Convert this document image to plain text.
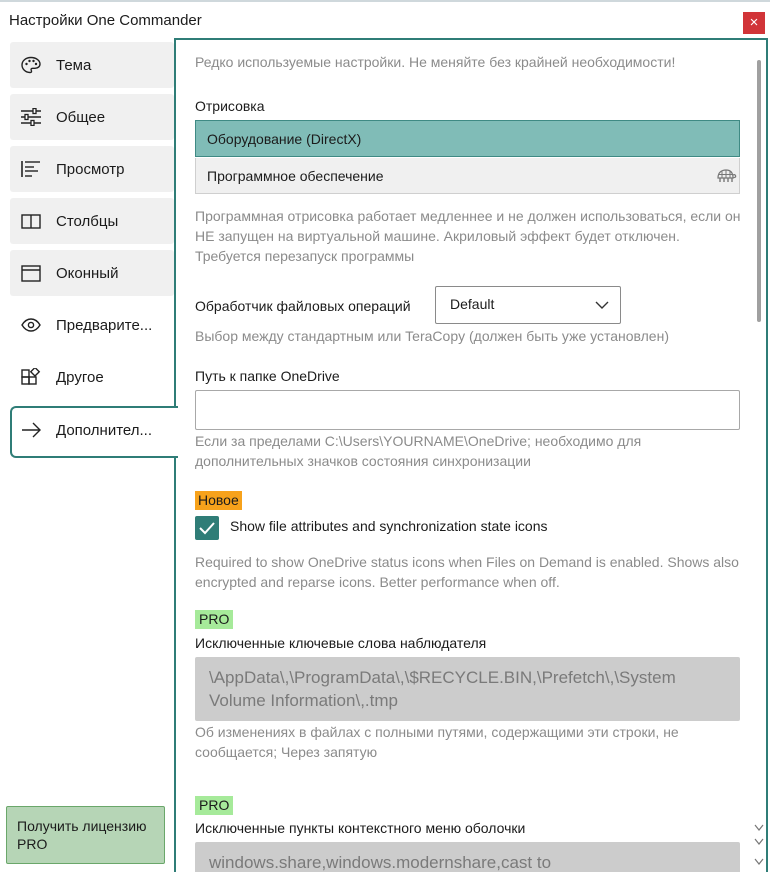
Настройки One Commander	×
Тема
Общее
Просмотр
Столбцы
Оконный
Предварите...
Другое
Дополнител...
Получить лицензию PRO
Редко используемые настройки. Не меняйте без крайней необходимости!
Отрисовка
Оборудование (DirectX)
Программное обеспечение
Программная отрисовка работает медленнее и не должен использоваться, если он НЕ запущен на виртуальной машине. Акриловый эффект будет отключен. Требуется перезапуск программы
Обработчик файловых операций	Default
Выбор между стандартным или TeraCopy (должен быть уже установлен)
Путь к папке OneDrive
Если за пределами C:\Users\YOURNAME\OneDrive; необходимо для дополнительных значков состояния синхронизации
Новое
Show file attributes and synchronization state icons
Required to show OneDrive status icons when Files on Demand is enabled. Shows also encrypted and reparse icons. Better performance when off.
PRO
Исключенные ключевые слова наблюдателя
\AppData\,\ProgramData\,\$RECYCLE.BIN,\Prefetch\,\System Volume Information\,.tmp
Об изменениях в файлах с полными путями, содержащими эти строки, не сообщается; Через запятую
PRO
Исключенные пункты контекстного меню оболочки
windows.share,windows.modernshare,cast to
